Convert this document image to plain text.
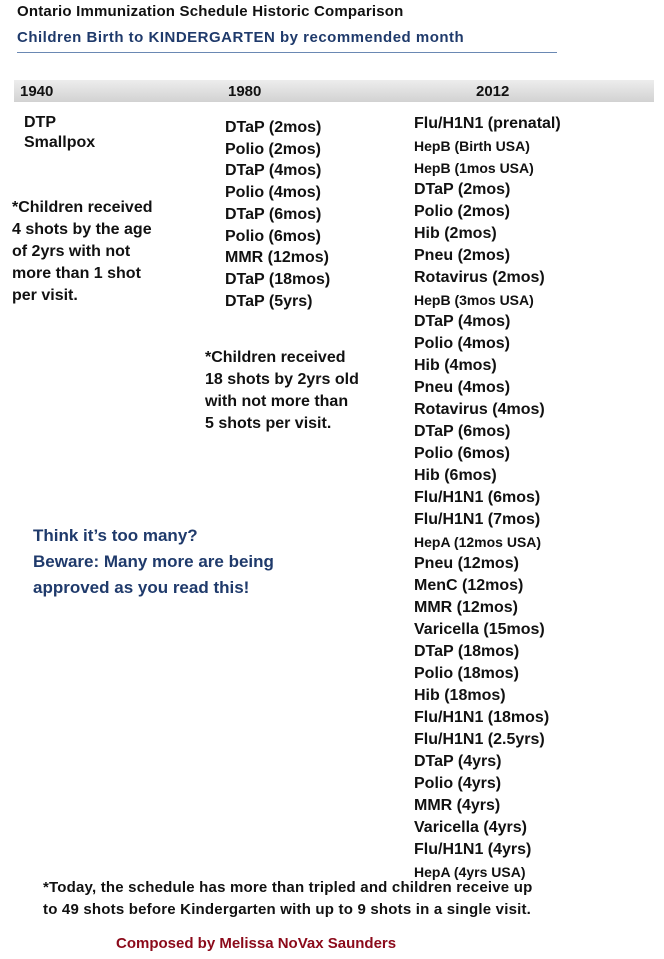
Ontario Immunization Schedule Historic Comparison
Children Birth to KINDERGARTEN by recommended month
1940	1980	2012
DTP
Smallpox
*Children received
4 shots by the age
of 2yrs with not
more than 1 shot
per visit.
DTaP (2mos)
Polio (2mos)
DTaP (4mos)
Polio (4mos)
DTaP (6mos)
Polio (6mos)
MMR (12mos)
DTaP (18mos)
DTaP (5yrs)
*Children received
18 shots by 2yrs old
with not more than
5 shots per visit.
Flu/H1N1 (prenatal)
HepB (Birth USA)
HepB (1mos USA)
DTaP (2mos)
Polio (2mos)
Hib (2mos)
Pneu (2mos)
Rotavirus (2mos)
HepB (3mos USA)
DTaP (4mos)
Polio (4mos)
Hib (4mos)
Pneu (4mos)
Rotavirus (4mos)
DTaP (6mos)
Polio (6mos)
Hib (6mos)
Flu/H1N1 (6mos)
Flu/H1N1 (7mos)
HepA (12mos USA)
Pneu (12mos)
MenC (12mos)
MMR (12mos)
Varicella (15mos)
DTaP (18mos)
Polio (18mos)
Hib (18mos)
Flu/H1N1 (18mos)
Flu/H1N1 (2.5yrs)
DTaP (4yrs)
Polio (4yrs)
MMR (4yrs)
Varicella (4yrs)
Flu/H1N1 (4yrs)
HepA (4yrs USA)
Think it’s too many?
Beware: Many more are being
approved as you read this!
*Today, the schedule has more than tripled and children receive up
to 49 shots before Kindergarten with up to 9 shots in a single visit.
Composed by Melissa NoVax Saunders
